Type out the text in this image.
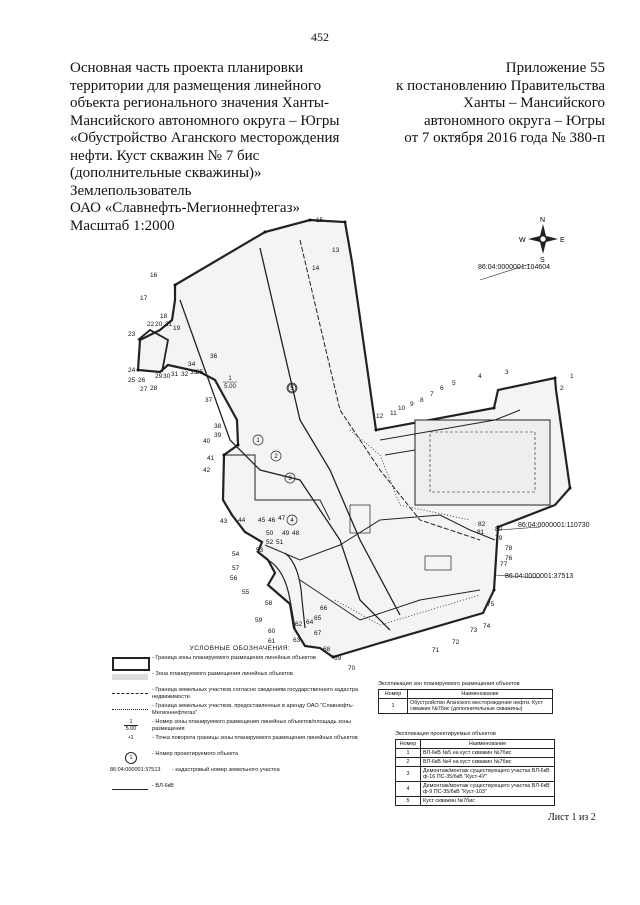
452
Основная часть проекта планировки
территории для размещения линейного
объекта регионального значения Ханты-
Мансийского автономного округа – Югры
«Обустройство Аганского месторождения
нефти. Куст скважин № 7 бис
(дополнительные скважины)»
Землепользователь
ОАО «Славнефть-Мегионнефтегаз»
Масштаб 1:2000
Приложение 55
к постановлению Правительства
Ханты – Мансийского
автономного округа – Югры
от 7 октября 2016 года № 380-п
1
2
3
4
5
6
7
8
9
10
11
12
13
14
15
16
17
18
19
20 21
22
23
24
25 26
27 28
29 30 31 32 33
34
35
36
37
38
39
40
41
42
43 44 45 46 47
48
49
50
51
52
53
54
55
56
57
58
59
60
61
62
63
64
65
66
67
68
69
70
71
72
73
74
75
76
77
78
79
80
81
82
1
2
3
4
5
1
5.00
N
S
W	E
86:04:0000001:104604
86:04:0000001:110730
86:04:0000001:37513
УСЛОВНЫЕ ОБОЗНАЧЕНИЯ:
- Граница зоны планируемого размещения линейных объектов
- Зона планируемого размещения линейных объектов
- Граница земельных участков согласно сведениям государственного кадастра недвижимости
- Граница земельных участков, предоставленных в аренду ОАО "Славнефть-Мегионнефтегаз"
1
5.00
- Номер зоны планируемого размещения линейных объектов/площадь зоны размещения
•1	- Точка поворота границы зоны планируемого размещения линейных объектов
1
- Номер проектируемого объекта
86:04:000001:37513	- кадастровый номер земельного участка
- ВЛ-6кВ
Экспликация зон планируемого размещения объектов
Номер	Наименование
1	Обустройство Аганского месторождения нефти. Куст скважин №7бис (дополнительные скважины)
Экспликация проектируемых объектов
Номер	Наименование
1	ВЛ-6кВ №5 на куст скважин №7бис
2	ВЛ-6кВ №4 на куст скважин №7бис
3	Демонтаж/монтаж существующего участка ВЛ-6кВ ф-16 ПС-35/6кВ "Куст-4У"
4	Демонтаж/монтаж существующего участка ВЛ-6кВ ф-9 ПС-35/6кВ "Куст-103"
5	Куст скважин №7бис
Лист 1 из 2
